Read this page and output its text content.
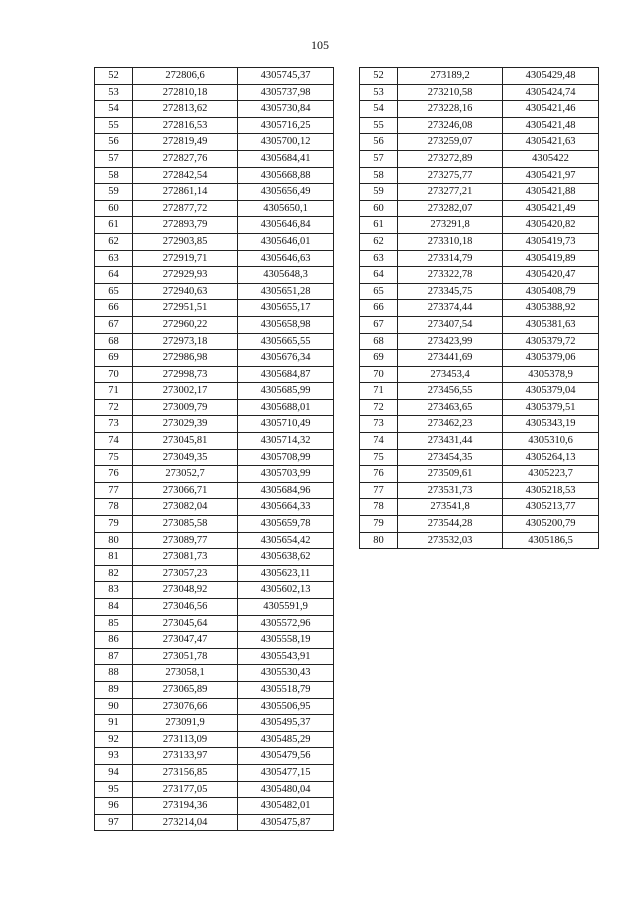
105
52	272806,6	4305745,37
53	272810,18	4305737,98
54	272813,62	4305730,84
55	272816,53	4305716,25
56	272819,49	4305700,12
57	272827,76	4305684,41
58	272842,54	4305668,88
59	272861,14	4305656,49
60	272877,72	4305650,1
61	272893,79	4305646,84
62	272903,85	4305646,01
63	272919,71	4305646,63
64	272929,93	4305648,3
65	272940,63	4305651,28
66	272951,51	4305655,17
67	272960,22	4305658,98
68	272973,18	4305665,55
69	272986,98	4305676,34
70	272998,73	4305684,87
71	273002,17	4305685,99
72	273009,79	4305688,01
73	273029,39	4305710,49
74	273045,81	4305714,32
75	273049,35	4305708,99
76	273052,7	4305703,99
77	273066,71	4305684,96
78	273082,04	4305664,33
79	273085,58	4305659,78
80	273089,77	4305654,42
81	273081,73	4305638,62
82	273057,23	4305623,11
83	273048,92	4305602,13
84	273046,56	4305591,9
85	273045,64	4305572,96
86	273047,47	4305558,19
87	273051,78	4305543,91
88	273058,1	4305530,43
89	273065,89	4305518,79
90	273076,66	4305506,95
91	273091,9	4305495,37
92	273113,09	4305485,29
93	273133,97	4305479,56
94	273156,85	4305477,15
95	273177,05	4305480,04
96	273194,36	4305482,01
97	273214,04	4305475,87
52	273189,2	4305429,48
53	273210,58	4305424,74
54	273228,16	4305421,46
55	273246,08	4305421,48
56	273259,07	4305421,63
57	273272,89	4305422
58	273275,77	4305421,97
59	273277,21	4305421,88
60	273282,07	4305421,49
61	273291,8	4305420,82
62	273310,18	4305419,73
63	273314,79	4305419,89
64	273322,78	4305420,47
65	273345,75	4305408,79
66	273374,44	4305388,92
67	273407,54	4305381,63
68	273423,99	4305379,72
69	273441,69	4305379,06
70	273453,4	4305378,9
71	273456,55	4305379,04
72	273463,65	4305379,51
73	273462,23	4305343,19
74	273431,44	4305310,6
75	273454,35	4305264,13
76	273509,61	4305223,7
77	273531,73	4305218,53
78	273541,8	4305213,77
79	273544,28	4305200,79
80	273532,03	4305186,5
